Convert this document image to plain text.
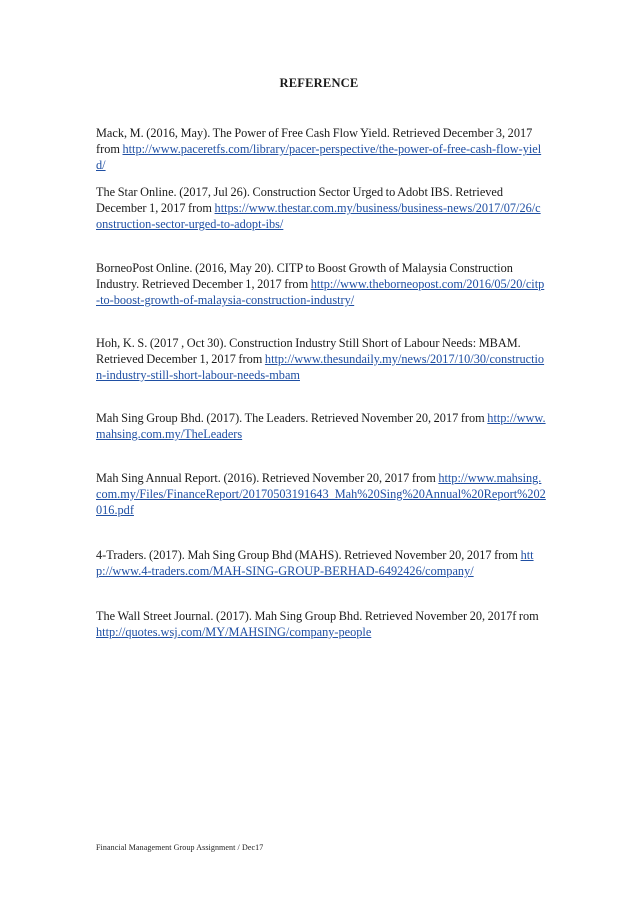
REFERENCE
Mack, M. (2016, May). The Power of Free Cash Flow Yield. Retrieved December 3, 2017 from http://www.paceretfs.com/library/pacer-perspective/the-power-of-free-cash-flow-yield/
The Star Online. (2017, Jul 26). Construction Sector Urged to Adobt IBS. Retrieved December 1, 2017 from https://www.thestar.com.my/business/business-news/2017/07/26/construction-sector-urged-to-adopt-ibs/
BorneoPost Online. (2016, May 20). CITP to Boost Growth of Malaysia Construction Industry. Retrieved December 1, 2017 from http://www.theborneopost.com/2016/05/20/citp-to-boost-growth-of-malaysia-construction-industry/
Hoh, K. S. (2017 , Oct 30). Construction Industry Still Short of Labour Needs: MBAM. Retrieved December 1, 2017 from http://www.thesundaily.my/news/2017/10/30/construction-industry-still-short-labour-needs-mbam
Mah Sing Group Bhd. (2017). The Leaders. Retrieved November 20, 2017 from http://www.mahsing.com.my/TheLeaders
Mah Sing Annual Report. (2016). Retrieved November 20, 2017 from http://www.mahsing.com.my/Files/FinanceReport/20170503191643_Mah%20Sing%20Annual%20Report%202016.pdf
4-Traders. (2017). Mah Sing Group Bhd (MAHS). Retrieved November 20, 2017 from http://www.4-traders.com/MAH-SING-GROUP-BERHAD-6492426/company/
The Wall Street Journal. (2017). Mah Sing Group Bhd. Retrieved November 20, 2017f rom http://quotes.wsj.com/MY/MAHSING/company-people
Financial Management Group Assignment / Dec17
